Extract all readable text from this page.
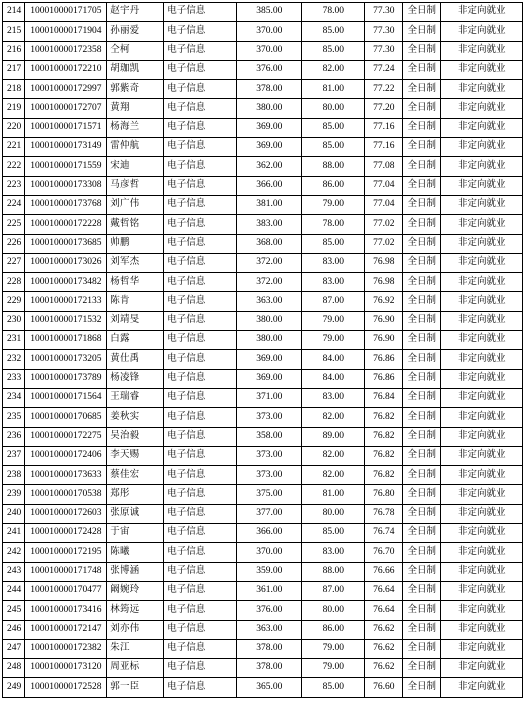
214	100010000171705	赵宇丹	电子信息	385.00	78.00	77.30	全日制	非定向就业
215	100010000171904	孙丽爱	电子信息	370.00	85.00	77.30	全日制	非定向就业
216	100010000172358	仝柯	电子信息	370.00	85.00	77.30	全日制	非定向就业
217	100010000172210	胡珈凯	电子信息	376.00	82.00	77.24	全日制	非定向就业
218	100010000172997	郭紫奇	电子信息	378.00	81.00	77.22	全日制	非定向就业
219	100010000172707	黄翔	电子信息	380.00	80.00	77.20	全日制	非定向就业
220	100010000171571	杨海兰	电子信息	369.00	85.00	77.16	全日制	非定向就业
221	100010000173149	雷仲航	电子信息	369.00	85.00	77.16	全日制	非定向就业
222	100010000171559	宋迪	电子信息	362.00	88.00	77.08	全日制	非定向就业
223	100010000173308	马彦哲	电子信息	366.00	86.00	77.04	全日制	非定向就业
224	100010000173768	刘广伟	电子信息	381.00	79.00	77.04	全日制	非定向就业
225	100010000172228	戴哲铭	电子信息	383.00	78.00	77.02	全日制	非定向就业
226	100010000173685	帅鹏	电子信息	368.00	85.00	77.02	全日制	非定向就业
227	100010000173026	刘军杰	电子信息	372.00	83.00	76.98	全日制	非定向就业
228	100010000173482	杨哲华	电子信息	372.00	83.00	76.98	全日制	非定向就业
229	100010000172133	陈肯	电子信息	363.00	87.00	76.92	全日制	非定向就业
230	100010000171532	刘靖旻	电子信息	380.00	79.00	76.90	全日制	非定向就业
231	100010000171868	白露	电子信息	380.00	79.00	76.90	全日制	非定向就业
232	100010000173205	黄仕禹	电子信息	369.00	84.00	76.86	全日制	非定向就业
233	100010000173789	杨凌锋	电子信息	369.00	84.00	76.86	全日制	非定向就业
234	100010000171564	王瑞睿	电子信息	371.00	83.00	76.84	全日制	非定向就业
235	100010000170685	姜秋实	电子信息	373.00	82.00	76.82	全日制	非定向就业
236	100010000172275	吴治毅	电子信息	358.00	89.00	76.82	全日制	非定向就业
237	100010000172406	李天赐	电子信息	373.00	82.00	76.82	全日制	非定向就业
238	100010000173633	蔡佳宏	电子信息	373.00	82.00	76.82	全日制	非定向就业
239	100010000170538	郑彤	电子信息	375.00	81.00	76.80	全日制	非定向就业
240	100010000172603	张原诚	电子信息	377.00	80.00	76.78	全日制	非定向就业
241	100010000172428	于宙	电子信息	366.00	85.00	76.74	全日制	非定向就业
242	100010000172195	陈曦	电子信息	370.00	83.00	76.70	全日制	非定向就业
243	100010000171748	张博涵	电子信息	359.00	88.00	76.66	全日制	非定向就业
244	100010000170477	阚婉玲	电子信息	361.00	87.00	76.64	全日制	非定向就业
245	100010000173416	林筠远	电子信息	376.00	80.00	76.64	全日制	非定向就业
246	100010000172147	刘亦伟	电子信息	363.00	86.00	76.62	全日制	非定向就业
247	100010000172382	朱江	电子信息	378.00	79.00	76.62	全日制	非定向就业
248	100010000173120	周亚标	电子信息	378.00	79.00	76.62	全日制	非定向就业
249	100010000172528	郭一臣	电子信息	365.00	85.00	76.60	全日制	非定向就业
